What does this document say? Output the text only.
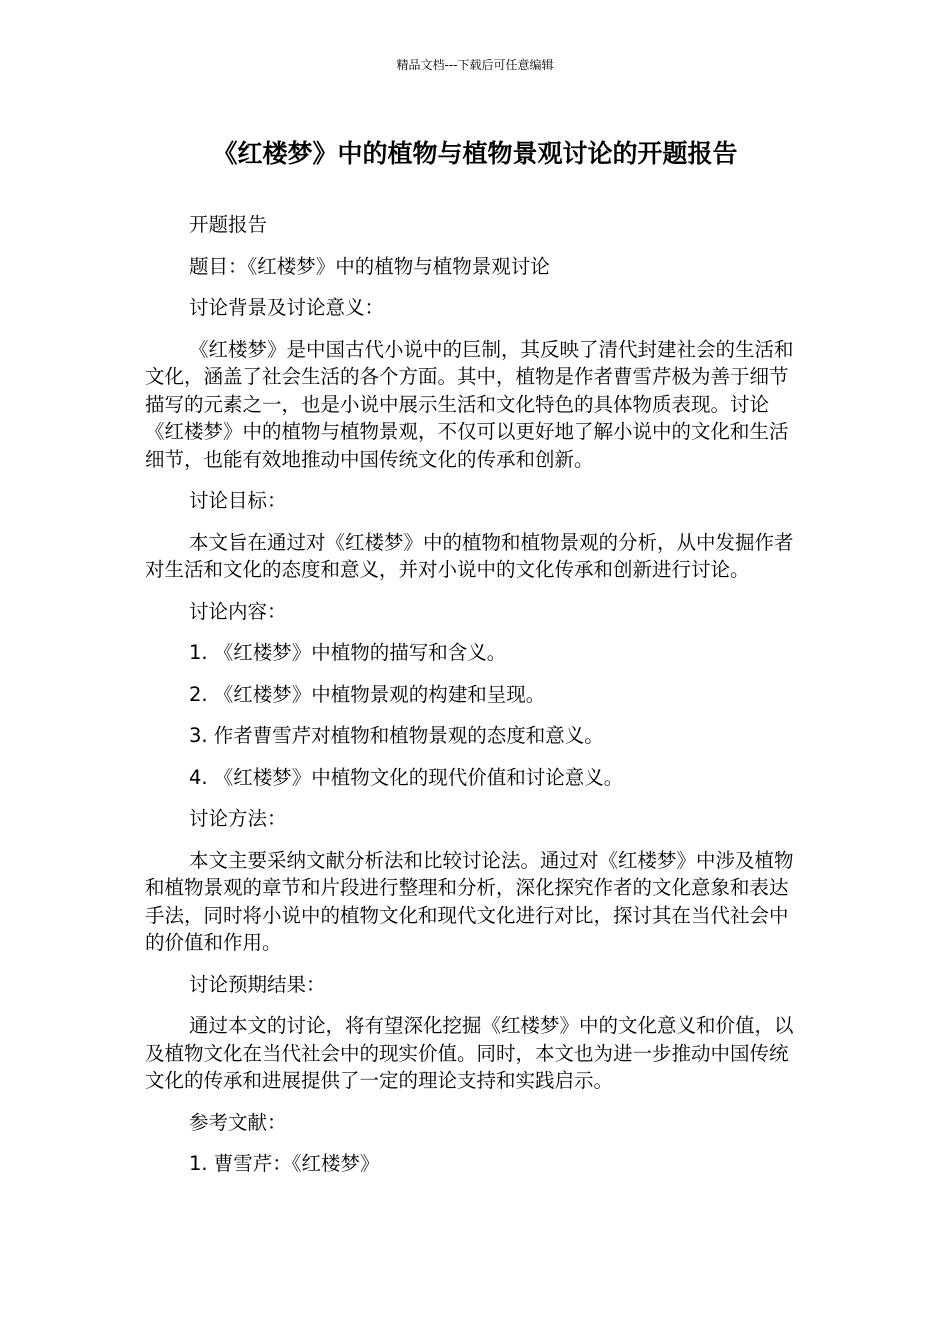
精品文档---下载后可任意编辑
《红楼梦》中的植物与植物景观讨论的开题报告

开题报告

题目：《红楼梦》中的植物与植物景观讨论

讨论背景及讨论意义：

《红楼梦》是中国古代小说中的巨制，其反映了清代封建社会的生活和文化，涵盖了社会生活的各个方面。其中，植物是作者曹雪芹极为善于细节描写的元素之一，也是小说中展示生活和文化特色的具体物质表现。讨论《红楼梦》中的植物与植物景观，不仅可以更好地了解小说中的文化和生活细节，也能有效地推动中国传统文化的传承和创新。

讨论目标：

本文旨在通过对《红楼梦》中的植物和植物景观的分析，从中发掘作者对生活和文化的态度和意义，并对小说中的文化传承和创新进行讨论。

讨论内容：

1. 《红楼梦》中植物的描写和含义。

2. 《红楼梦》中植物景观的构建和呈现。

3. 作者曹雪芹对植物和植物景观的态度和意义。

4. 《红楼梦》中植物文化的现代价值和讨论意义。

讨论方法：

本文主要采纳文献分析法和比较讨论法。通过对《红楼梦》中涉及植物和植物景观的章节和片段进行整理和分析，深化探究作者的文化意象和表达手法，同时将小说中的植物文化和现代文化进行对比，探讨其在当代社会中的价值和作用。

讨论预期结果：

通过本文的讨论，将有望深化挖掘《红楼梦》中的文化意义和价值，以及植物文化在当代社会中的现实价值。同时，本文也为进一步推动中国传统文化的传承和进展提供了一定的理论支持和实践启示。

参考文献：

1. 曹雪芹：《红楼梦》
